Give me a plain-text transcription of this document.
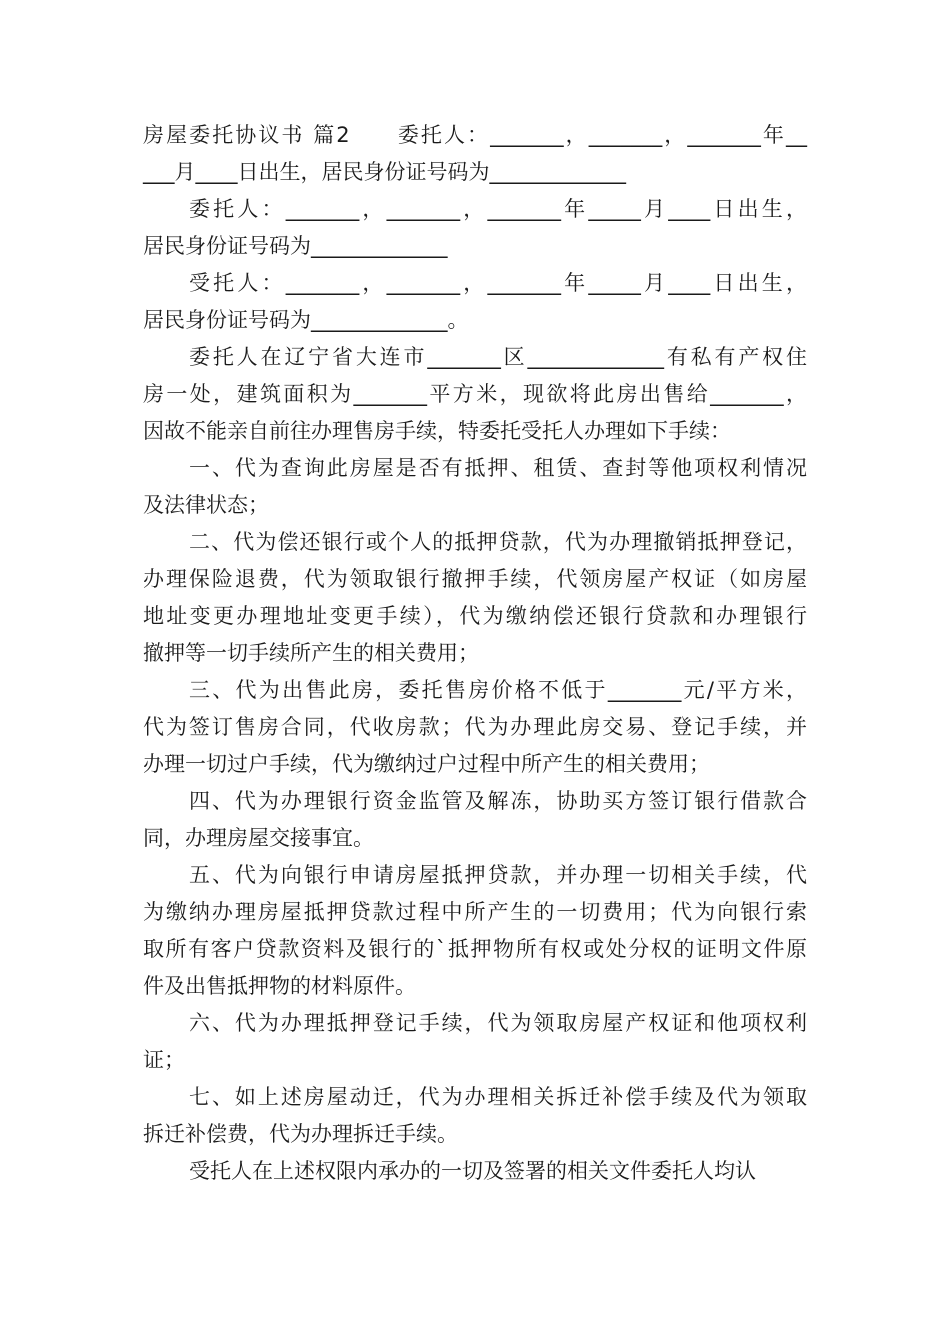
房屋委托协议书 篇2　　委托人：_______，_______，_______年__
___月____日出生，居民身份证号码为_____________
委托人：_______，_______，_______年_____月____日出生，
居民身份证号码为_____________
受托人：_______，_______，_______年_____月____日出生，
居民身份证号码为_____________。
委托人在辽宁省大连市_______区_____________有私有产权住
房一处，建筑面积为_______平方米，现欲将此房出售给_______，
因故不能亲自前往办理售房手续，特委托受托人办理如下手续：
一、代为查询此房屋是否有抵押、租赁、查封等他项权利情况
及法律状态；
二、代为偿还银行或个人的抵押贷款，代为办理撤销抵押登记，
办理保险退费，代为领取银行撤押手续，代领房屋产权证（如房屋
地址变更办理地址变更手续），代为缴纳偿还银行贷款和办理银行
撤押等一切手续所产生的相关费用；
三、代为出售此房，委托售房价格不低于_______元/平方米，
代为签订售房合同，代收房款；代为办理此房交易、登记手续，并
办理一切过户手续，代为缴纳过户过程中所产生的相关费用；
四、代为办理银行资金监管及解冻，协助买方签订银行借款合
同，办理房屋交接事宜。
五、代为向银行申请房屋抵押贷款，并办理一切相关手续，代
为缴纳办理房屋抵押贷款过程中所产生的一切费用；代为向银行索
取所有客户贷款资料及银行的`抵押物所有权或处分权的证明文件原
件及出售抵押物的材料原件。
六、代为办理抵押登记手续，代为领取房屋产权证和他项权利
证；
七、如上述房屋动迁，代为办理相关拆迁补偿手续及代为领取
拆迁补偿费，代为办理拆迁手续。
受托人在上述权限内承办的一切及签署的相关文件委托人均认
